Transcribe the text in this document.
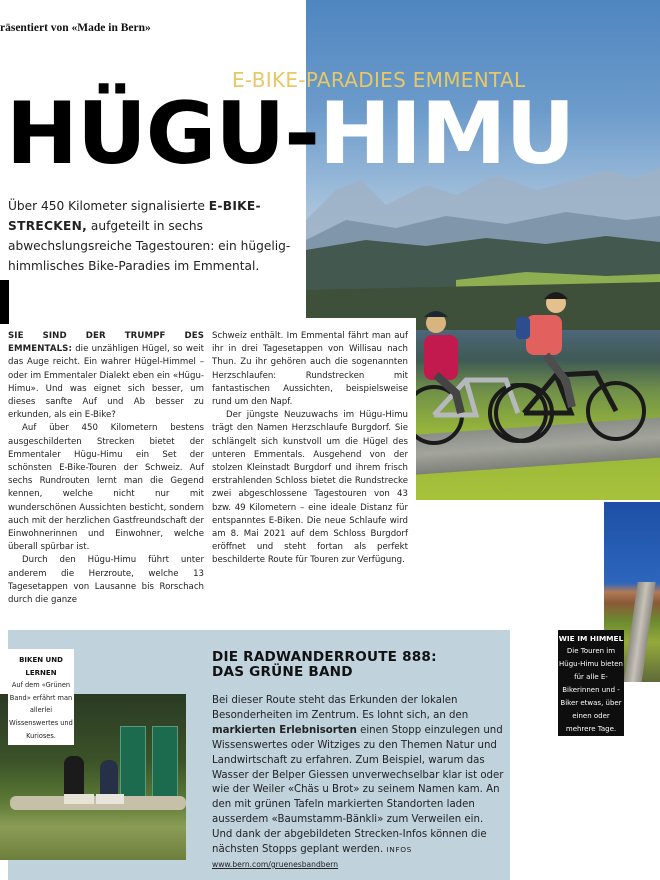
räsentiert von «Made in Bern»
E-BIKE-PARADIES EMMENTAL
HÜGU-HIMU
Über 450 Kilometer signalisierte E-BIKE-STRECKEN, aufgeteilt in sechs abwechslungsreiche Tagestouren: ein hügelig-himmlisches Bike-Paradies im Emmental.

SIE SIND DER TRUMPF DES EMMENTALS: die unzähligen Hügel, so weit das Auge reicht. Ein wahrer Hügel-Himmel – oder im Emmentaler Dialekt eben ein «Hügu-Himu». Und was eignet sich besser, um dieses sanfte Auf und Ab besser zu erkunden, als ein E-Bike?

Auf über 450 Kilometern bestens ausgeschilderten Strecken bietet der Emmentaler Hügu-Himu ein Set der schönsten E-Bike-Touren der Schweiz. Auf sechs Rundrouten lernt man die Gegend kennen, welche nicht nur mit wunderschönen Aussichten besticht, sondern auch mit der herzlichen Gastfreundschaft der Einwohnerinnen und Einwohner, welche überall spürbar ist.

Durch den Hügu-Himu führt unter anderem die Herzroute, welche 13 Tagesetappen von Lausanne bis Rorschach durch die ganze

Schweiz enthält. Im Emmental fährt man auf ihr in drei Tagesetappen von Willisau nach Thun. Zu ihr gehören auch die sogenannten Herzschlaufen: Rundstrecken mit fantastischen Aussichten, beispielsweise rund um den Napf.

Der jüngste Neuzuwachs im Hügu-Himu trägt den Namen Herzschlaufe Burgdorf. Sie schlängelt sich kunstvoll um die Hügel des unteren Emmentals. Ausgehend von der stolzen Kleinstadt Burgdorf und ihrem frisch erstrahlenden Schloss bietet die Rundstrecke zwei abgeschlossene Tagestouren von 43 bzw. 49 Kilometern – eine ideale Distanz für entspanntes E-Biken. Die neue Schlaufe wird am 8. Mai 2021 auf dem Schloss Burgdorf eröffnet und steht fortan als perfekt beschilderte Route für Touren zur Verfügung.

WIE IM HIMMEL
Die Touren im Hügu-Himu bieten für alle E-Bikerinnen und -Biker etwas, über einen oder mehrere Tage.
BIKEN UND LERNEN
Auf dem «Grünen Band» erfährt man allerlei Wissenswertes und Kurioses.
DIE RADWANDERROUTE 888:
DAS GRÜNE BAND
Bei dieser Route steht das Erkunden der lokalen Besonderheiten im Zentrum. Es lohnt sich, an den markierten Erlebnisorten einen Stopp einzulegen und Wissenswertes oder Witziges zu den Themen Natur und Landwirtschaft zu erfahren. Zum Beispiel, warum das Wasser der Belper Giessen unverwechselbar klar ist oder wie der Weiler «Chäs u Brot» zu seinem Namen kam. An den mit grünen Tafeln markierten Standorten laden ausserdem «Baumstamm-Bänkli» zum Verweilen ein. Und dank der abgebildeten Strecken-Infos können die nächsten Stopps geplant werden. INFOS www.bern.com/gruenesbandbern
